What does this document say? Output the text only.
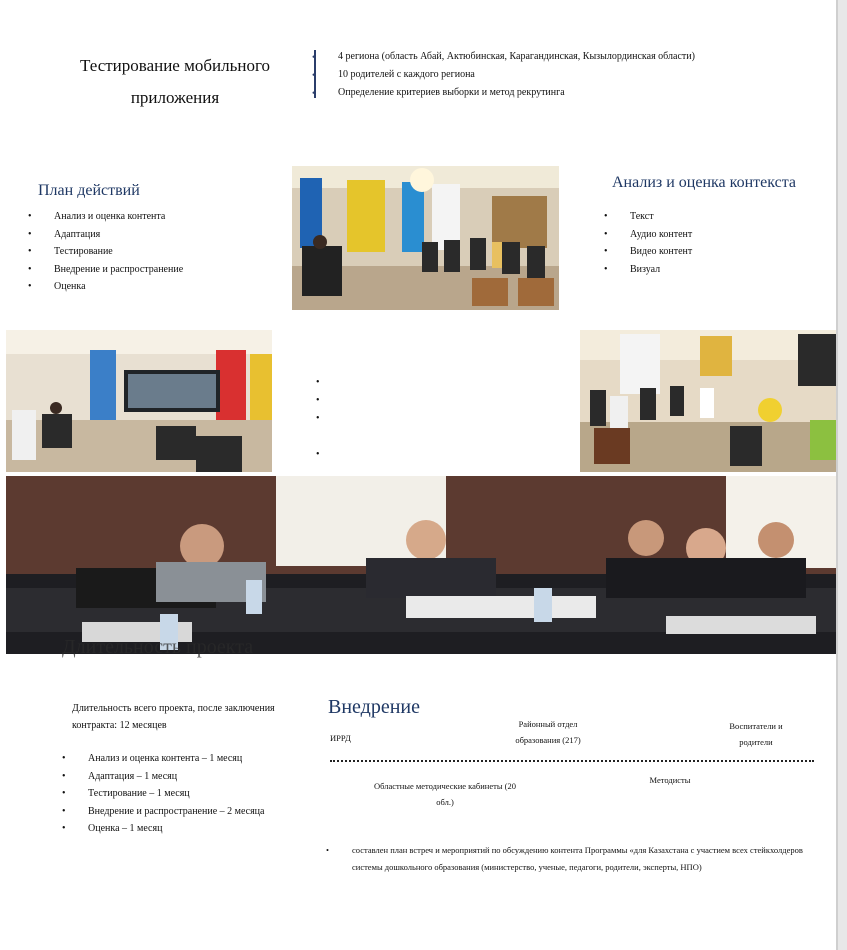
Тестирование мобильного приложения
• 4 региона (область Абай, Актюбинская, Карагандинская, Кызылординская области)
• 10 родителей с каждого региона
• Определение критериев выборки и метод рекрутинга
План действий
• Анализ и оценка контента
• Адаптация
• Тестирование
• Внедрение и распространение
• Оценка
Анализ и оценка контекста
• Текст
• Аудио контент
• Видео контент
• Визуал
•
•
•

•
Длительность проекта
Длительность всего проекта, после заключения контракта: 12 месяцев
• Анализ и оценка контента – 1 месяц
• Адаптация – 1 месяц
• Тестирование – 1 месяц
• Внедрение и распространение – 2 месяца
• Оценка – 1 месяц
Внедрение
ИРРД
Районный отдел образования (217)
Воспитатели и родители
Областные методические кабинеты (20 обл.)
Методисты
• составлен план встреч и мероприятий по обсуждению контента Программы «для Казахстана с участием всех стейкхолдеров системы дошкольного образования (министерство, ученые, педагоги, родители, эксперты, НПО)
